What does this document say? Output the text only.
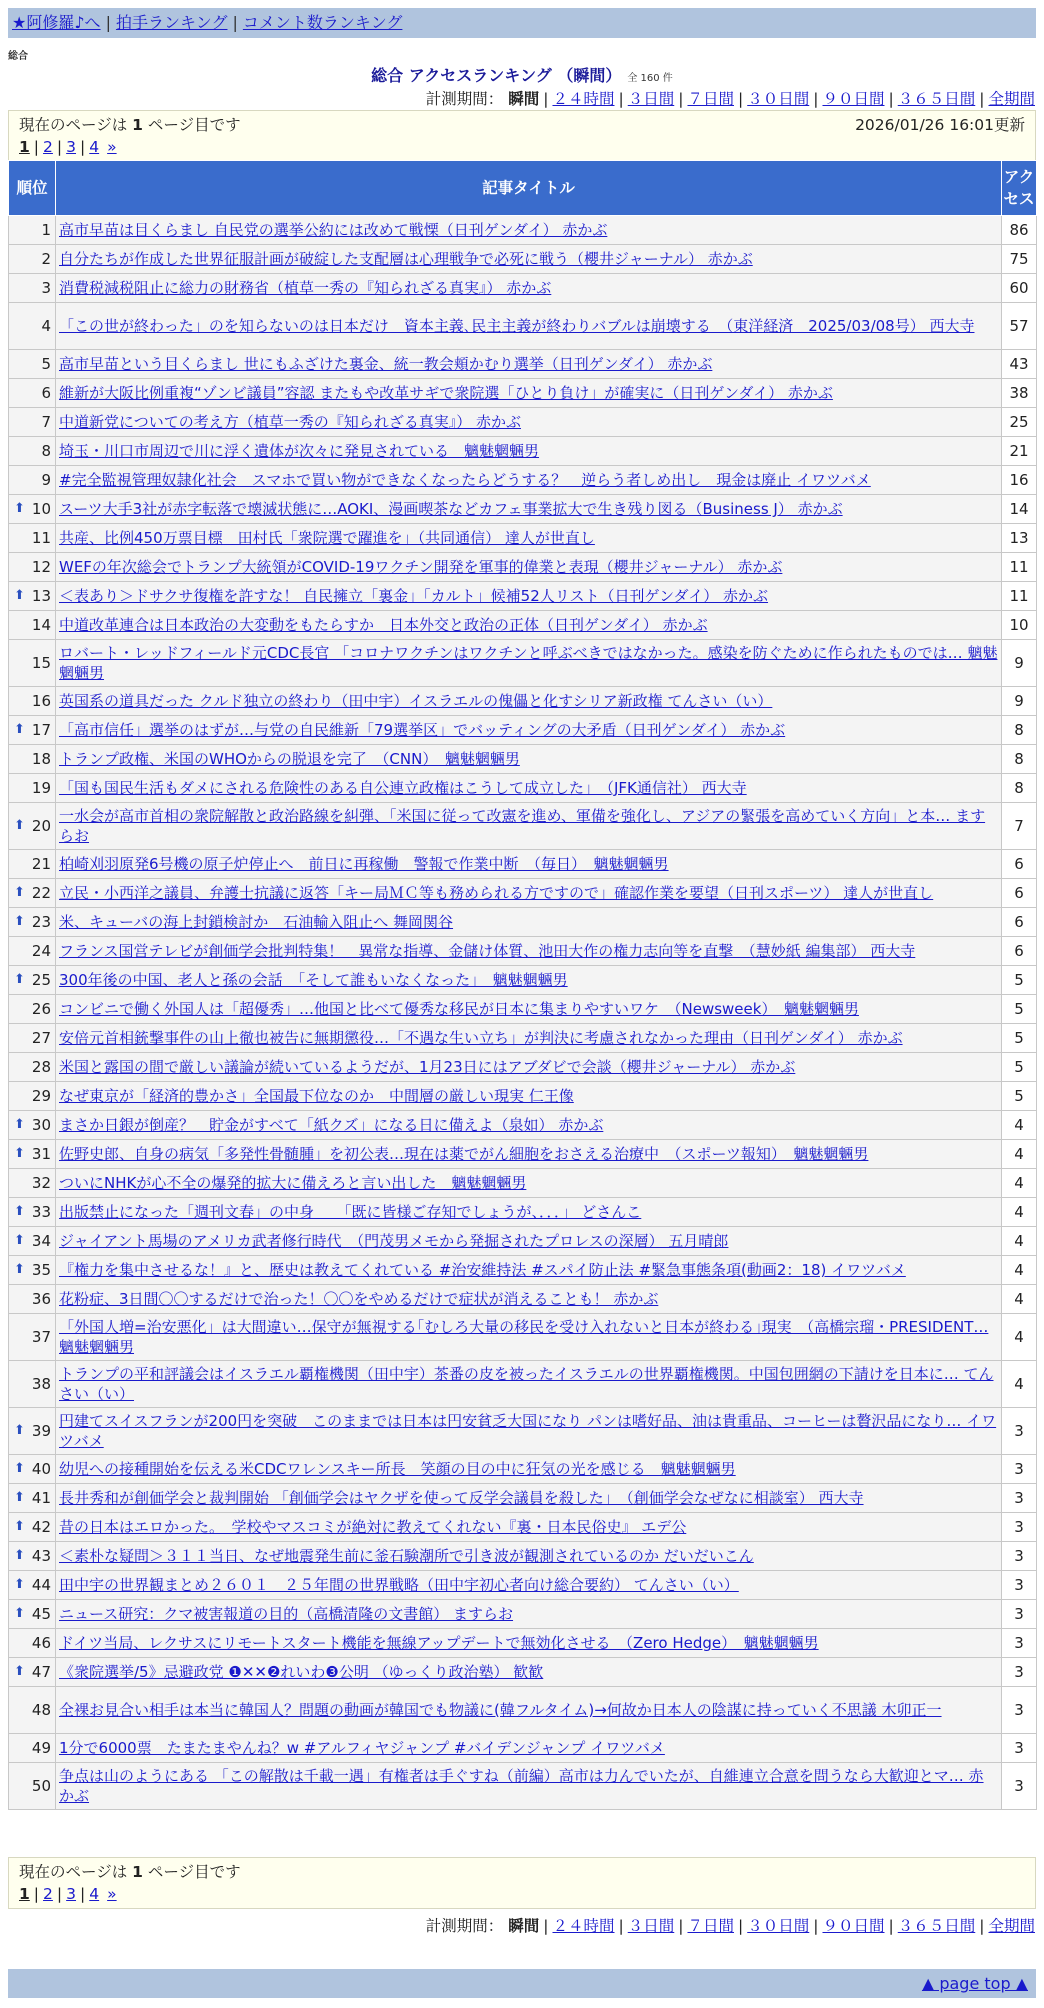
★阿修羅♪へ | 拍手ランキング | コメント数ランキング
総合
総合 アクセスランキング （瞬間） 全 160 件
計測期間： 瞬間 | ２４時間 | ３日間 | ７日間 | ３０日間 | ９０日間 | ３６５日間 | 全期間
現在のページは 1 ページ目です	2026/01/26 16:01更新
1 | 2 | 3 | 4 »
順位	記事タイトル	アクセス
1	高市早苗は目くらまし 自民党の選挙公約には改めて戦慄（日刊ゲンダイ） 赤かぶ	86
2	自分たちが作成した世界征服計画が破綻した支配層は心理戦争で必死に戦う（櫻井ジャーナル） 赤かぶ	75
3	消費税減税阻止に総力の財務省（植草一秀の『知られざる真実』） 赤かぶ	60
4	「この世が終わった」のを知らないのは日本だけ　資本主義､民主主義が終わりバブルは崩壊する　（東洋経済　2025/03/08号） 西大寺	57
5	高市早苗という目くらまし 世にもふざけた裏金、統一教会頬かむり選挙（日刊ゲンダイ） 赤かぶ	43
6	維新が大阪比例重複“ゾンビ議員”容認 またもや改革サギで衆院選「ひとり負け」が確実に（日刊ゲンダイ） 赤かぶ	38
7	中道新党についての考え方（植草一秀の『知られざる真実』） 赤かぶ	25
8	埼玉・川口市周辺で川に浮く遺体が次々に発見されている　魑魅魍魎男	21
9	#完全監視管理奴隷化社会　スマホで買い物ができなくなったらどうする？　逆らう者しめ出し　現金は廃止 イワツバメ	16

⬆ 10	スーツ大手3社が赤字転落で壊滅状態に…AOKI、漫画喫茶などカフェ事業拡大で生き残り図る（Business J） 赤かぶ	14
11	共産、比例450万票目標　田村氏「衆院選で躍進を」（共同通信） 達人が世直し	13
12	WEFの年次総会でトランプ大統領がCOVID-19ワクチン開発を軍事的偉業と表現（櫻井ジャーナル） 赤かぶ	11

⬆ 13	＜表あり＞ドサクサ復権を許すな！ 自民擁立「裏金」「カルト」候補52人リスト（日刊ゲンダイ） 赤かぶ	11
14	中道改革連合は日本政治の大変動をもたらすか　日本外交と政治の正体（日刊ゲンダイ） 赤かぶ	10
15	ロバート・レッドフィールド元CDC長官 「コロナワクチンはワクチンと呼ぶべきではなかった。感染を防ぐために作られたものでは… 魑魅魍魎男	9
16	英国系の道具だった クルド独立の終わり（田中宇）イスラエルの傀儡と化すシリア新政権 てんさい（い）	9

⬆ 17	「高市信任」選挙のはずが…与党の自民維新「79選挙区」でバッティングの大矛盾（日刊ゲンダイ） 赤かぶ	8
18	トランプ政権、米国のWHOからの脱退を完了　（CNN）　魑魅魍魎男	8
19	「国も国民生活もダメにされる危険性のある自公連立政権はこうして成立した」　（JFK通信社） 西大寺	8

⬆ 20	一水会が高市首相の衆院解散と政治路線を糾弾、「米国に従って改憲を進め、軍備を強化し、アジアの緊張を高めていく方向」と本… ますらお	7
21	柏崎刈羽原発6号機の原子炉停止へ　前日に再稼働　警報で作業中断　（毎日）　魑魅魍魎男	6

⬆ 22	立民・小西洋之議員、弁護士抗議に返答「キー局ＭＣ等も務められる方ですので」確認作業を要望（日刊スポーツ） 達人が世直し	6

⬆ 23	米、キューバの海上封鎖検討か　石油輸入阻止へ 舞岡関谷	6
24	フランス国営テレビが創価学会批判特集！　異常な指導、金儲け体質、池田大作の権力志向等を直撃　（慧妙紙 編集部） 西大寺	6

⬆ 25	300年後の中国、老人と孫の会話　「そして誰もいなくなった」　魑魅魍魎男	5
26	コンビニで働く外国人は「超優秀」…他国と比べて優秀な移民が日本に集まりやすいワケ　（Newsweek）　魑魅魍魎男	5
27	安倍元首相銃撃事件の山上徹也被告に無期懲役…「不遇な生い立ち」が判決に考慮されなかった理由（日刊ゲンダイ） 赤かぶ	5
28	米国と露国の間で厳しい議論が続いているようだが、1月23日にはアブダビで会談（櫻井ジャーナル） 赤かぶ	5
29	なぜ東京が「経済的豊かさ」全国最下位なのか　中間層の厳しい現実 仁王像	5

⬆ 30	まさか日銀が倒産？　貯金がすべて「紙クズ」になる日に備えよ（泉如） 赤かぶ	4

⬆ 31	佐野史郎、自身の病気「多発性骨髄腫」を初公表…現在は薬でがん細胞をおさえる治療中　（スポーツ報知）　魑魅魍魎男	4
32	ついにNHKが心不全の爆発的拡大に備えろと言い出した　魑魅魍魎男	4

⬆ 33	出版禁止になった「週刊文春」の中身　　「既に皆様ご存知でしょうが、．．．」 どさんこ	4

⬆ 34	ジャイアント馬場のアメリカ武者修行時代　（門茂男メモから発掘されたプロレスの深層） 五月晴郎	4

⬆ 35	『権力を集中させるな！』と、歴史は教えてくれている #治安維持法 #スパイ防止法 #緊急事態条項(動画2：18) イワツバメ	4
36	花粉症、3日間〇〇するだけで治った！〇〇をやめるだけで症状が消えることも！ 赤かぶ	4
37	「外国人増=治安悪化」は大間違い…保守が無視する｢むしろ大量の移民を受け入れないと日本が終わる｣現実　（高橋宗瑠・PRESIDENT… 魑魅魍魎男	4
38	トランプの平和評議会はイスラエル覇権機関（田中宇）茶番の皮を被ったイスラエルの世界覇権機関。中国包囲網の下請けを日本に… てんさい（い）	4

⬆ 39	円建てスイスフランが200円を突破　このままでは日本は円安貧乏大国になり パンは嗜好品、油は貴重品、コーヒーは贅沢品になり… イワツバメ	3

⬆ 40	幼児への接種開始を伝える米CDCワレンスキー所長　笑顔の目の中に狂気の光を感じる　魑魅魍魎男	3

⬆ 41	長井秀和が創価学会と裁判開始 「創価学会はヤクザを使って反学会議員を殺した」　（創価学会なぜなに相談室） 西大寺	3

⬆ 42	昔の日本はエロかった。　学校やマスコミが絶対に教えてくれない『裏・日本民俗史』 エデ公	3

⬆ 43	＜素朴な疑問＞３１１当日、なぜ地震発生前に釜石験潮所で引き波が観測されているのか だいだいこん	3

⬆ 44	田中宇の世界観まとめ２６０１　２５年間の世界戦略（田中宇初心者向け総合要約） てんさい（い）	3

⬆ 45	ニュース研究：クマ被害報道の目的（高橋清隆の文書館） ますらお	3
46	ドイツ当局、レクサスにリモートスタート機能を無線アップデートで無効化させる　（Zero Hedge）　魑魅魍魎男	3

⬆ 47	《衆院選挙/5》忌避政党 ❶✕✕❷れいわ❸公明 （ゆっくり政治塾） 歓歓	3
48	全裸お見合い相手は本当に韓国人？問題の動画が韓国でも物議に(韓フルタイム)→何故か日本人の陰謀に持っていく不思議 木卯正一	3
49	1分で6000票　たまたまやんね？w #アルフィヤジャンプ #バイデンジャンプ イワツバメ	3
50	争点は山のようにある 「この解散は千載一遇」有権者は手ぐすね（前編）高市は力んでいたが、自維連立合意を問うなら大歓迎とマ… 赤かぶ	3
現在のページは 1 ページ目です
1 | 2 | 3 | 4 »
計測期間： 瞬間 | ２４時間 | ３日間 | ７日間 | ３０日間 | ９０日間 | ３６５日間 | 全期間
▲ page top ▲
